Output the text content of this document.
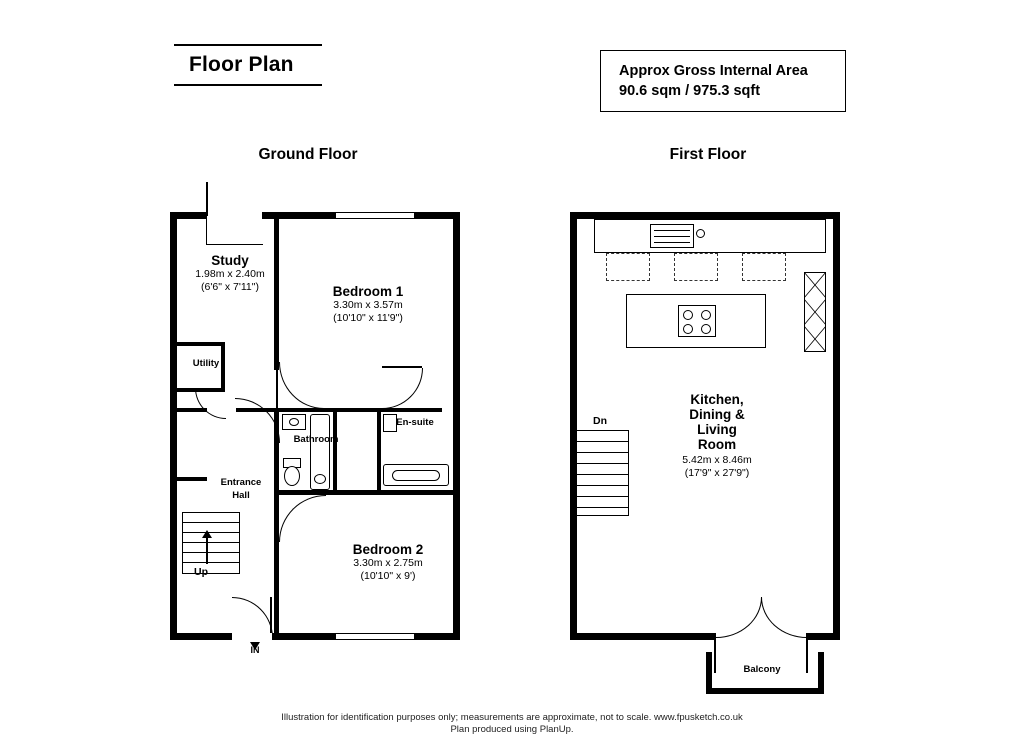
Floor Plan	Approx Gross Internal Area
90.6 sqm / 975.3 sqft
Ground Floor	First Floor
Study
1.98m x 2.40m
(6'6" x 7'11")	Bedroom 1
3.30m x 3.57m
(10'10" x 11'9")
Utility
Bathroom
En-suite
Entrance
Hall
Up
IN
Bedroom 2
3.30m x 2.75m
(10'10" x 9')
Dn
Kitchen,
Dining &
Living
Room
5.42m x 8.46m
(17'9" x 27'9")
Balcony
Illustration for identification purposes only; measurements are approximate, not to scale. www.fpusketch.co.uk
Plan produced using PlanUp.
